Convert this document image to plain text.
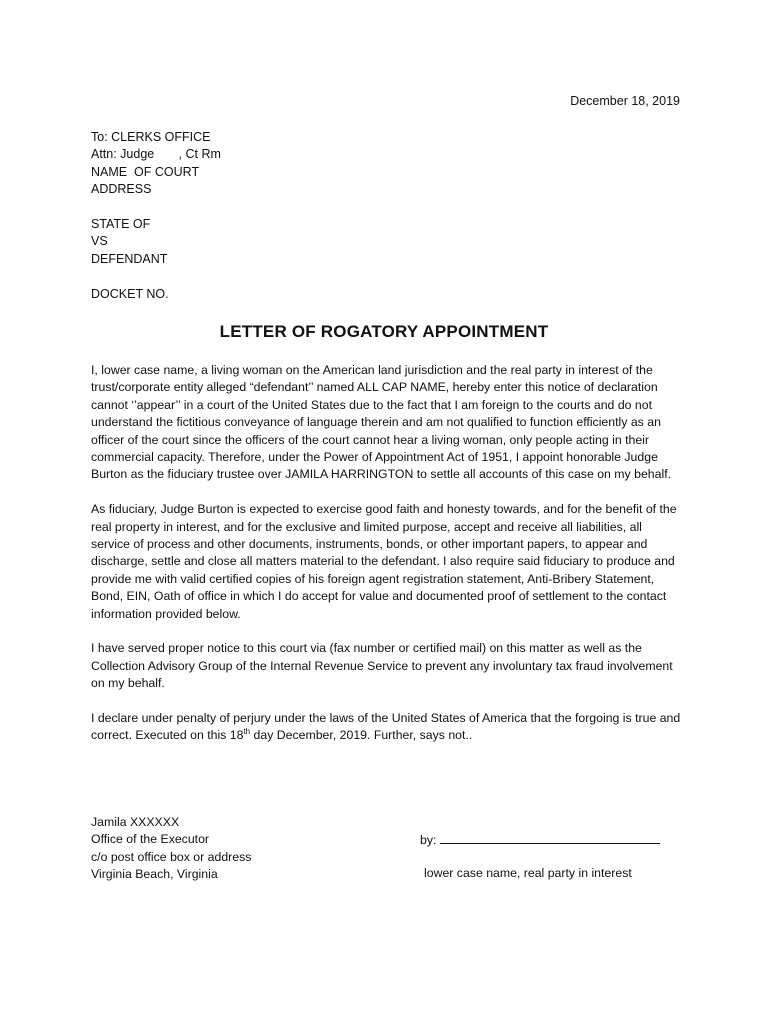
December 18, 2019
To: CLERKS OFFICE
Attn: Judge       , Ct Rm
NAME  OF COURT
ADDRESS
STATE OF
VS
DEFENDANT
DOCKET NO.
LETTER OF ROGATORY APPOINTMENT

I, lower case name, a living woman on the American land jurisdiction and the real party in interest of the trust/corporate entity alleged “defendant’’ named ALL CAP NAME, hereby enter this notice of declaration cannot ‘’appear’’ in a court of the United States due to the fact that I am foreign to the courts and do not understand the fictitious conveyance of language therein and am not qualified to function efficiently as an officer of the court since the officers of the court cannot hear a living woman, only people acting in their commercial capacity. Therefore, under the Power of Appointment Act of 1951, I appoint honorable Judge Burton as the fiduciary trustee over JAMILA HARRINGTON to settle all accounts of this case on my behalf.

As fiduciary, Judge Burton is expected to exercise good faith and honesty towards, and for the benefit of the real property in interest, and for the exclusive and limited purpose, accept and receive all liabilities, all service of process and other documents, instruments, bonds, or other important papers, to appear and discharge, settle and close all matters material to the defendant. I also require said fiduciary to produce and provide me with valid certified copies of his foreign agent registration statement, Anti-Bribery Statement, Bond, EIN, Oath of office in which I do accept for value and documented proof of settlement to the contact information provided below.

I have served proper notice to this court via (fax number or certified mail) on this matter as well as the Collection Advisory Group of the Internal Revenue Service to prevent any involuntary tax fraud involvement on my behalf.

I declare under penalty of perjury under the laws of the United States of America that the forgoing is true and correct. Executed on this 18th day December, 2019. Further, says not..

Jamila XXXXXX
Office of the Executor
c/o post office box or address
Virginia Beach, Virginia
by:
lower case name, real party in interest
